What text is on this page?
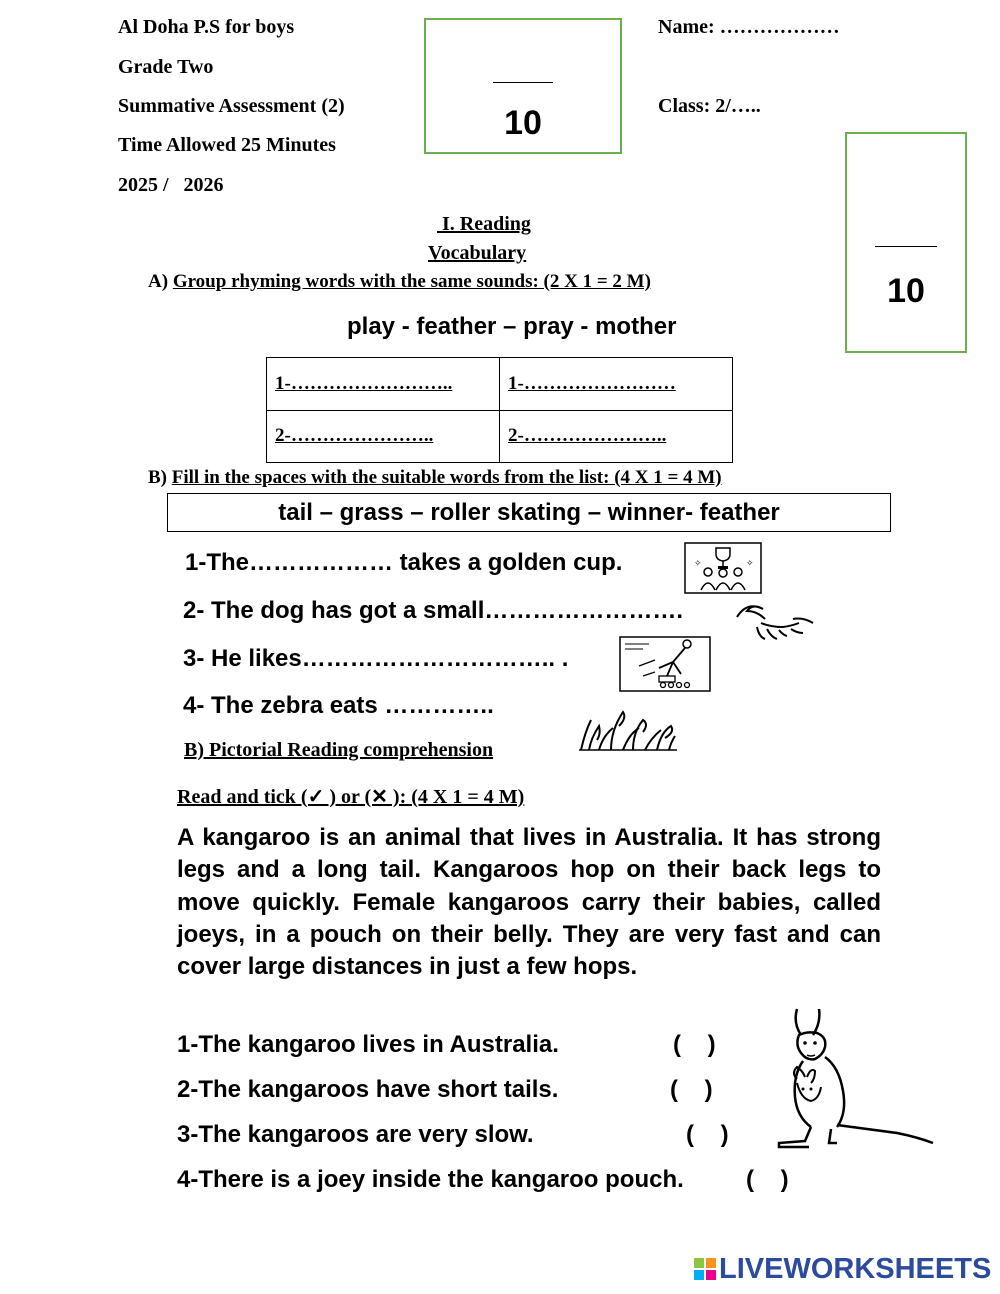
Al Doha P.S for boys
Grade Two
Summative Assessment (2)
Time Allowed 25 Minutes
2025 /   2026
Name: ………………
Class: 2/…..
10
10
I. Reading
Vocabulary
A) Group rhyming words with the same sounds: (2 X 1 = 2 M)
play - feather – pray - mother
1-……………………..	1-……………………
2-…………………..	2-…………………..
B) Fill in the spaces with the suitable words from the list: (4 X 1 = 4 M)
tail – grass – roller skating – winner- feather
1-The……………… takes a golden cup.
2- The dog has got a small…………………….
3- He likes………………………….. .
4- The zebra eats …………..
✧	✧
B) Pictorial Reading comprehension
Read and tick (✓ ) or (✕ ): (4 X 1 = 4 M)
A kangaroo is an animal that lives in Australia. It has strong legs and a long tail. Kangaroos hop on their back legs to move quickly. Female kangaroos carry their babies, called joeys, in a pouch on their belly. They are very fast and can cover large distances in just a few hops.
1-The kangaroo lives in Australia.	(    )
2-The kangaroos have short tails.	(    )
3-The kangaroos are very slow.	(    )
4-There is a joey inside the kangaroo pouch.	(    )
LIVEWORKSHEETS
